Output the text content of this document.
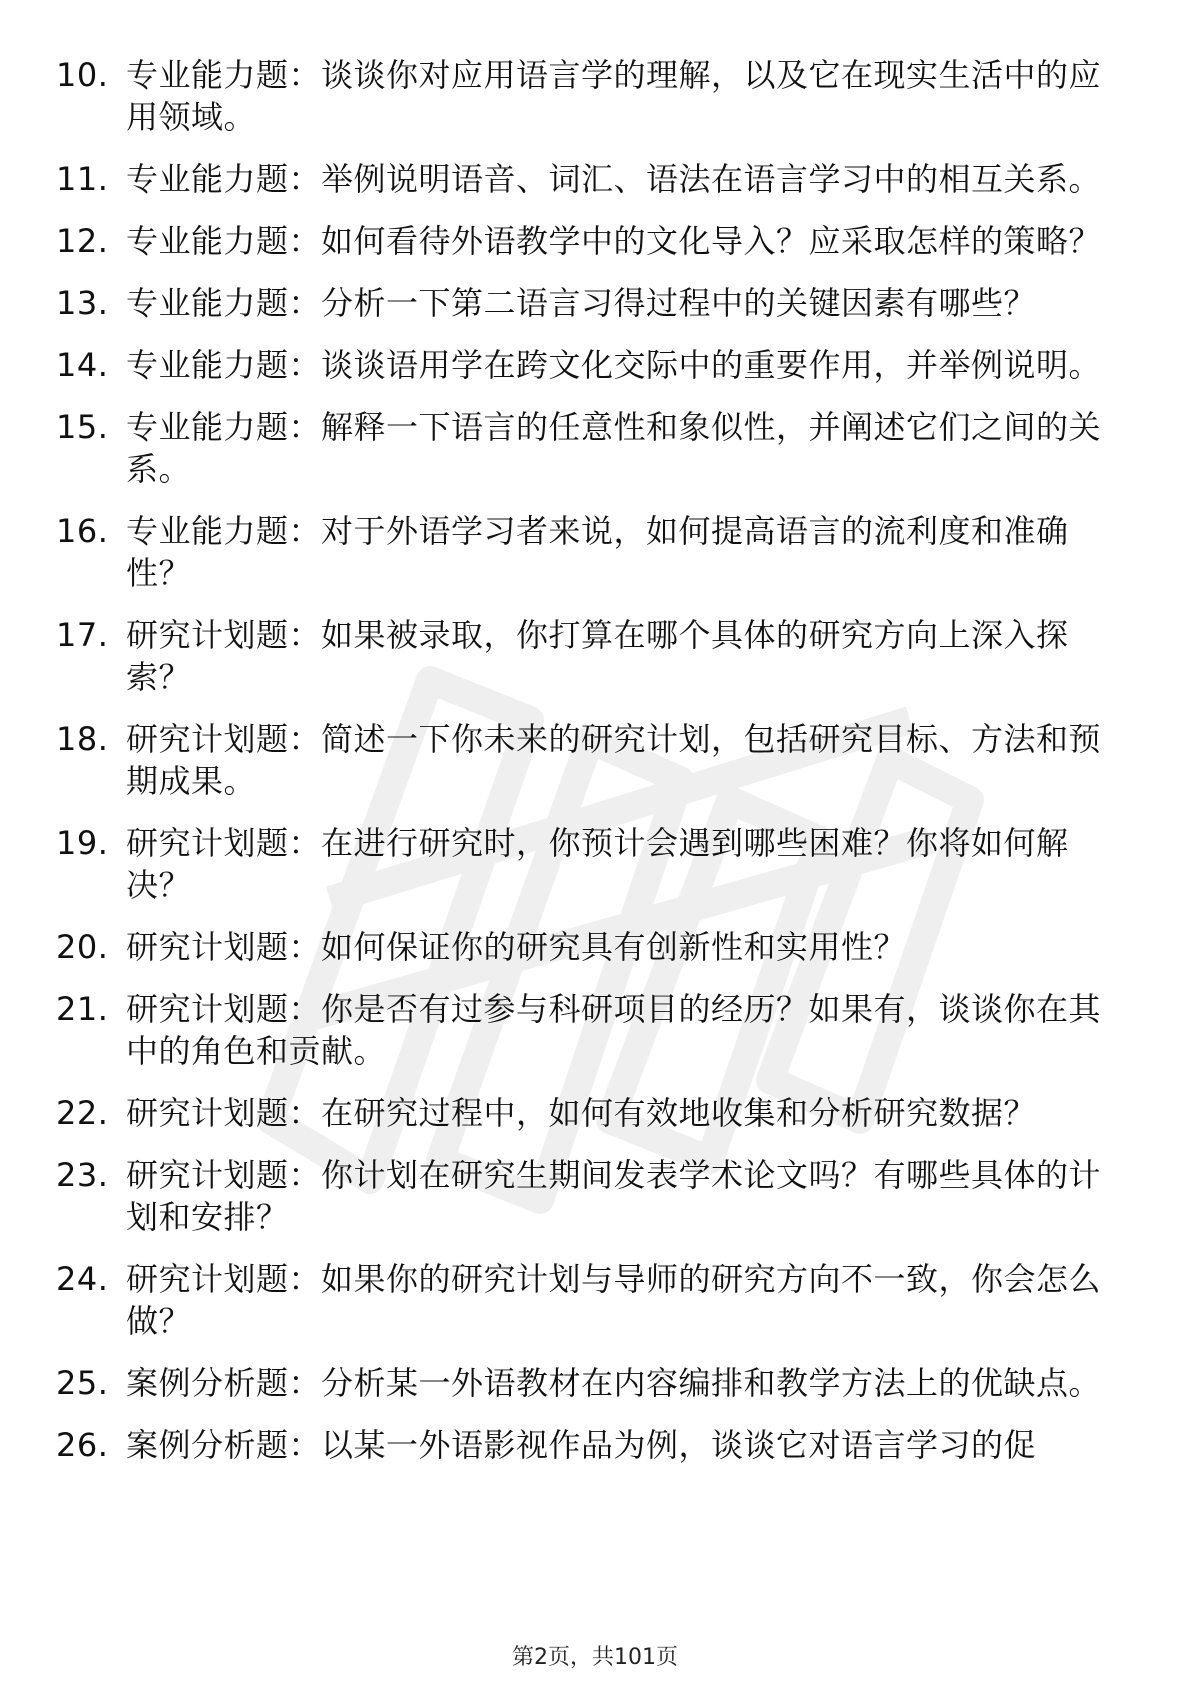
10. 专业能力题：谈谈你对应用语言学的理解，以及它在现实生活中的应用领域。
11. 专业能力题：举例说明语音、词汇、语法在语言学习中的相互关系。
12. 专业能力题：如何看待外语教学中的文化导入？应采取怎样的策略？
13. 专业能力题：分析一下第二语言习得过程中的关键因素有哪些？
14. 专业能力题：谈谈语用学在跨文化交际中的重要作用，并举例说明。
15. 专业能力题：解释一下语言的任意性和象似性，并阐述它们之间的关系。
16. 专业能力题：对于外语学习者来说，如何提高语言的流利度和准确性？
17. 研究计划题：如果被录取，你打算在哪个具体的研究方向上深入探索？
18. 研究计划题：简述一下你未来的研究计划，包括研究目标、方法和预期成果。
19. 研究计划题：在进行研究时，你预计会遇到哪些困难？你将如何解决？
20. 研究计划题：如何保证你的研究具有创新性和实用性？
21. 研究计划题：你是否有过参与科研项目的经历？如果有，谈谈你在其中的角色和贡献。
22. 研究计划题：在研究过程中，如何有效地收集和分析研究数据？
23. 研究计划题：你计划在研究生期间发表学术论文吗？有哪些具体的计划和安排？
24. 研究计划题：如果你的研究计划与导师的研究方向不一致，你会怎么做？
25. 案例分析题：分析某一外语教材在内容编排和教学方法上的优缺点。
26. 案例分析题：以某一外语影视作品为例，谈谈它对语言学习的促
第2页，共101页
